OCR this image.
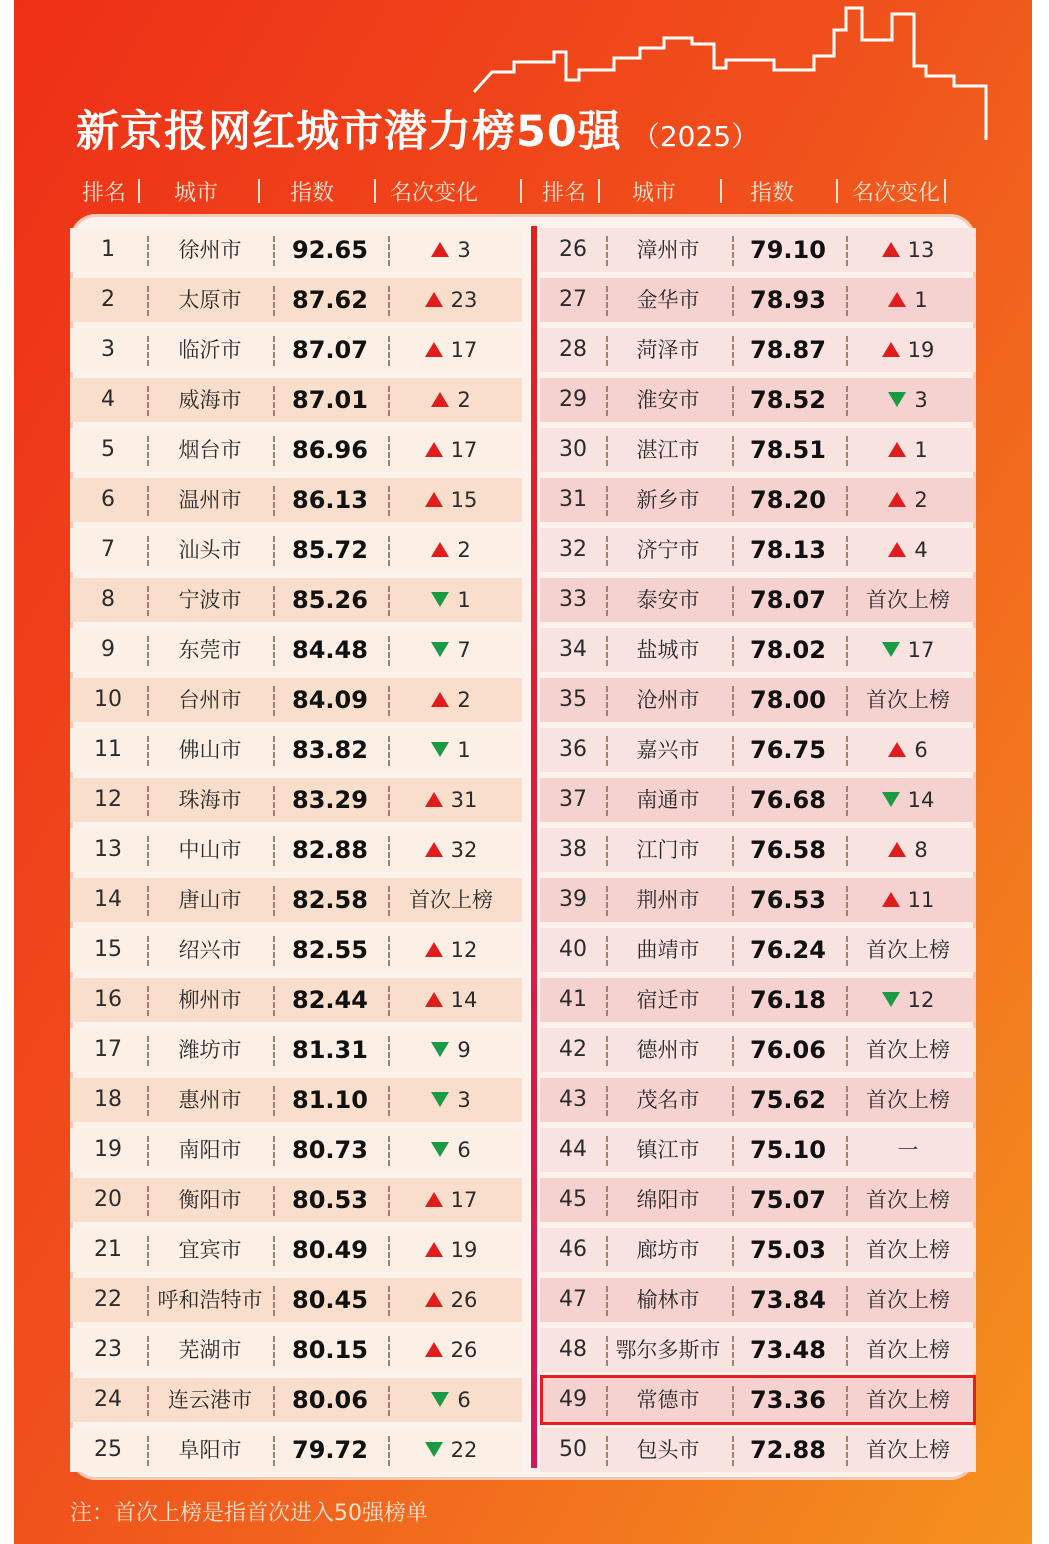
新京报网红城市潜力榜50强 （2025）
排名	城市	指数	名次变化	排名	城市	指数	名次变化
1	徐州市	92.65	3
2	太原市	87.62	23
3	临沂市	87.07	17
4	威海市	87.01	2
5	烟台市	86.96	17
6	温州市	86.13	15
7	汕头市	85.72	2
8	宁波市	85.26	1
9	东莞市	84.48	7
10	台州市	84.09	2
11	佛山市	83.82	1
12	珠海市	83.29	31
13	中山市	82.88	32
14	唐山市	82.58	首次上榜
15	绍兴市	82.55	12
16	柳州市	82.44	14
17	潍坊市	81.31	9
18	惠州市	81.10	3
19	南阳市	80.73	6
20	衡阳市	80.53	17
21	宜宾市	80.49	19
22	呼和浩特市	80.45	26
23	芜湖市	80.15	26
24	连云港市	80.06	6
25	阜阳市	79.72	22
26	漳州市	79.10	13
27	金华市	78.93	1
28	菏泽市	78.87	19
29	淮安市	78.52	3
30	湛江市	78.51	1
31	新乡市	78.20	2
32	济宁市	78.13	4
33	泰安市	78.07	首次上榜
34	盐城市	78.02	17
35	沧州市	78.00	首次上榜
36	嘉兴市	76.75	6
37	南通市	76.68	14
38	江门市	76.58	8
39	荆州市	76.53	11
40	曲靖市	76.24	首次上榜
41	宿迁市	76.18	12
42	德州市	76.06	首次上榜
43	茂名市	75.62	首次上榜
44	镇江市	75.10	一
45	绵阳市	75.07	首次上榜
46	廊坊市	75.03	首次上榜
47	榆林市	73.84	首次上榜
48	鄂尔多斯市	73.48	首次上榜
49	常德市	73.36	首次上榜
50	包头市	72.88	首次上榜
注：首次上榜是指首次进入50强榜单
